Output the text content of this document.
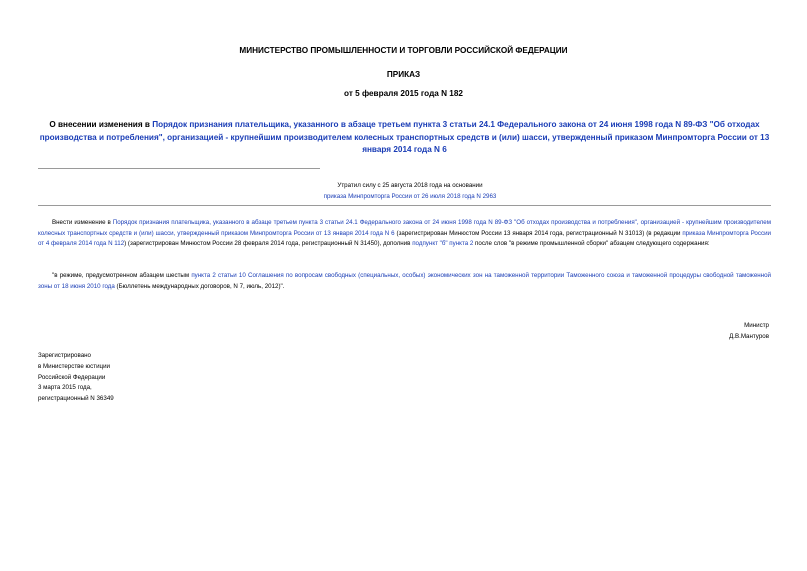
МИНИСТЕРСТВО ПРОМЫШЛЕННОСТИ И ТОРГОВЛИ РОССИЙСКОЙ ФЕДЕРАЦИИ
ПРИКАЗ
от 5 февраля 2015 года N 182
О внесении изменения в Порядок признания плательщика, указанного в абзаце третьем пункта 3 статьи 24.1 Федерального закона от 24 июня 1998 года N 89-ФЗ "Об отходах производства и потребления", организацией - крупнейшим производителем колесных транспортных средств и (или) шасси, утвержденный приказом Минпромторга России от 13 января 2014 года N 6
Утратил силу с 25 августа 2018 года на основании
приказа Минпромторга России от 26 июля 2018 года N 2963
Внести изменение в Порядок признания плательщика, указанного в абзаце третьем пункта 3 статьи 24.1 Федерального закона от 24 июня 1998 года N 89-ФЗ "Об отходах производства и потребления", организацией - крупнейшим производителем колесных транспортных средств и (или) шасси, утвержденный приказом Минпромторга России от 13 января 2014 года N 6 (зарегистрирован Минюстом России 13 января 2014 года, регистрационный N 31013) (в редакции приказа Минпромторга России от 4 февраля 2014 года N 112) (зарегистрирован Минюстом России 28 февраля 2014 года, регистрационный N 31450), дополнив подпункт "б" пункта 2 после слов "в режиме промышленной сборки" абзацем следующего содержания:
"в режиме, предусмотренном абзацем шестым пункта 2 статьи 10 Соглашения по вопросам свободных (специальных, особых) экономических зон на таможенной территории Таможенного союза и таможенной процедуры свободной таможенной зоны от 18 июня 2010 года (Бюллетень международных договоров, N 7, июль, 2012)".
Министр
Д.В.Мантуров
Зарегистрировано
в Министерстве юстиции
Российской Федерации
3 марта 2015 года,
регистрационный N 36349
